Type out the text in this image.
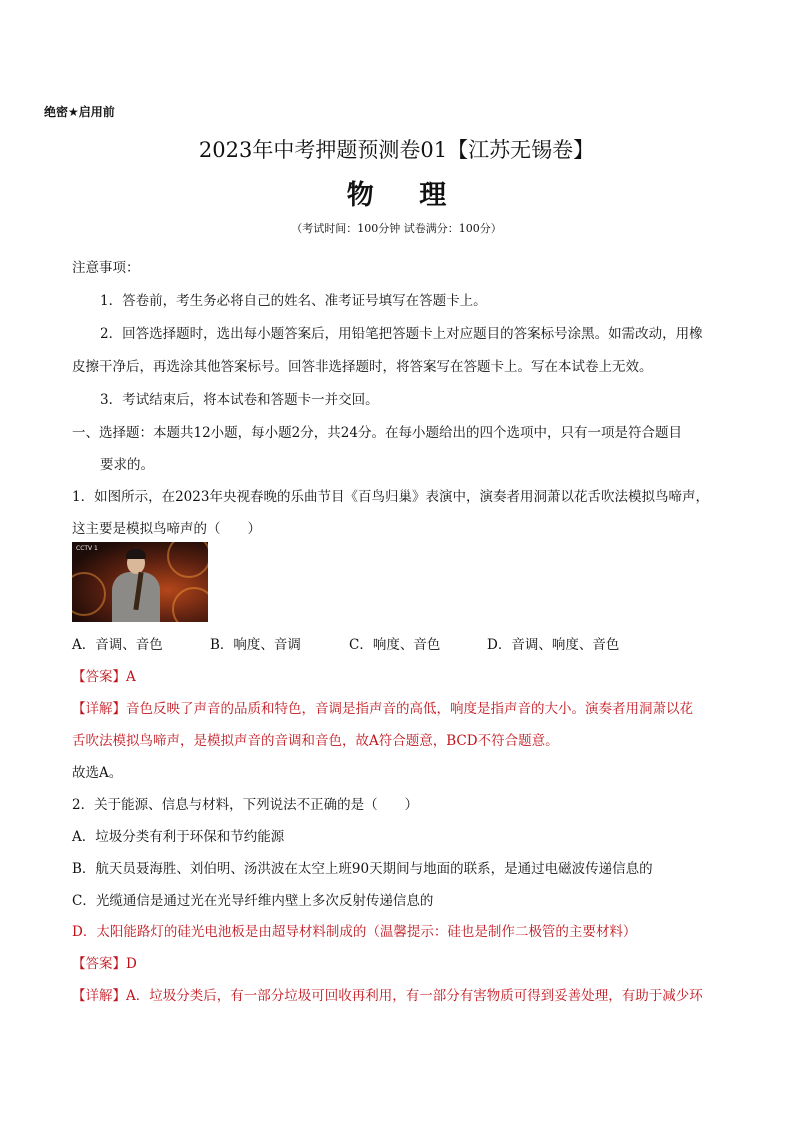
绝密★启用前
2023年中考押题预测卷01【江苏无锡卷】
物 理
（考试时间：100分钟 试卷满分：100分）
注意事项：
1．答卷前，考生务必将自己的姓名、准考证号填写在答题卡上。
2．回答选择题时，选出每小题答案后，用铅笔把答题卡上对应题目的答案标号涂黑。如需改动，用橡
皮擦干净后，再选涂其他答案标号。回答非选择题时，将答案写在答题卡上。写在本试卷上无效。
3．考试结束后，将本试卷和答题卡一并交回。
一、选择题：本题共12小题，每小题2分，共24分。在每小题给出的四个选项中，只有一项是符合题目
要求的。
1．如图所示，在2023年央视春晚的乐曲节目《百鸟归巢》表演中，演奏者用洞萧以花舌吹法模拟鸟啼声，
这主要是模拟鸟啼声的（　　）
CCTV 1
A．音调、音色	B．响度、音调	C．响度、音色	D．音调、响度、音色
【答案】A
【详解】音色反映了声音的品质和特色，音调是指声音的高低，响度是指声音的大小。演奏者用洞萧以花
舌吹法模拟鸟啼声，是模拟声音的音调和音色，故A符合题意，BCD不符合题意。
故选A。
2．关于能源、信息与材料，下列说法不正确的是（　　）
A．垃圾分类有利于环保和节约能源
B．航天员聂海胜、刘伯明、汤洪波在太空上班90天期间与地面的联系，是通过电磁波传递信息的
C．光缆通信是通过光在光导纤维内壁上多次反射传递信息的
D．太阳能路灯的硅光电池板是由超导材料制成的（温馨提示：硅也是制作二极管的主要材料）
【答案】D
【详解】A．垃圾分类后，有一部分垃圾可回收再利用，有一部分有害物质可得到妥善处理，有助于减少环
